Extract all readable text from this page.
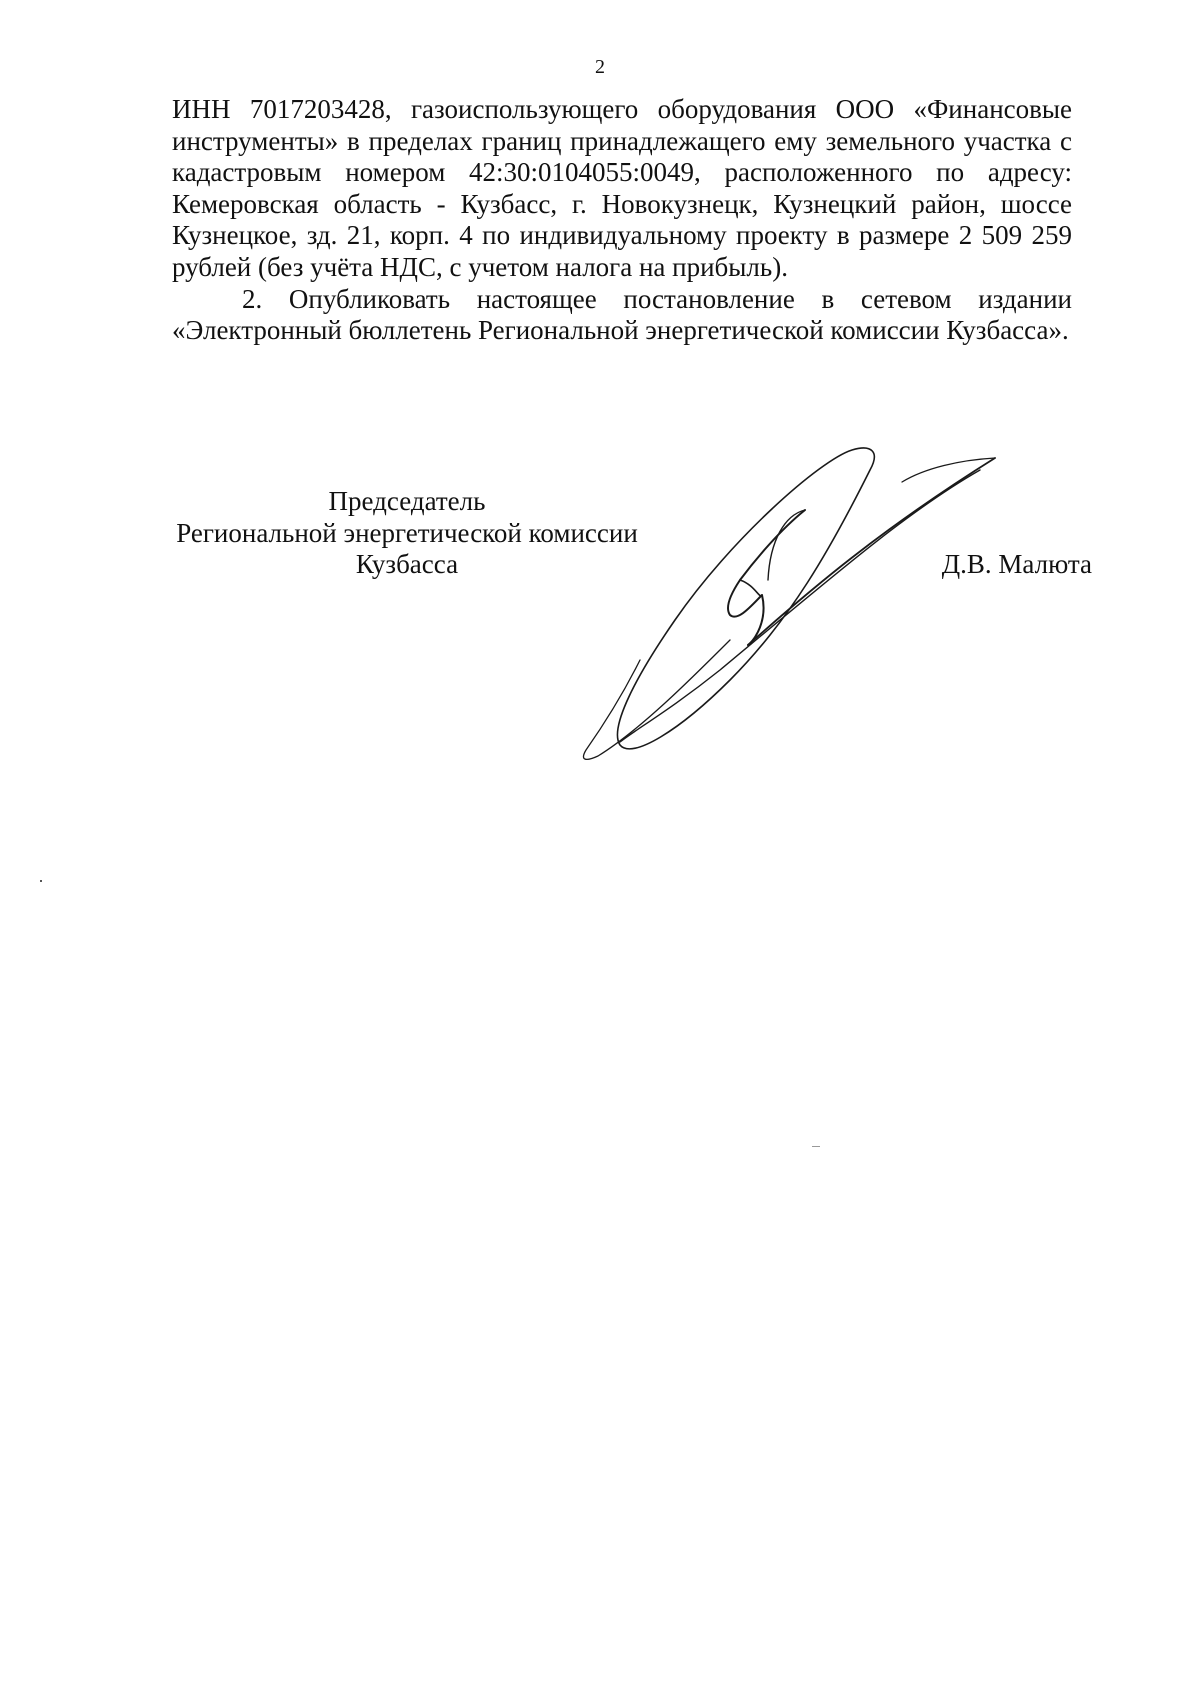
2

ИНН 7017203428, газоиспользующего оборудования ООО «Финансовые инструменты» в пределах границ принадлежащего ему земельного участка с кадастровым номером 42:30:0104055:0049, расположенного по адресу: Кемеровская область - Кузбасс, г. Новокузнецк, Кузнецкий район, шоссе Кузнецкое, зд. 21, корп. 4 по индивидуальному проекту в размере 2 509 259 рублей (без учёта НДС, с учетом налога на прибыль).

2. Опубликовать настоящее постановление в сетевом издании «Электронный бюллетень Региональной энергетической комиссии Кузбасса».

Председатель
Региональной энергетической комиссии
Кузбасса	Д.В. Малюта
